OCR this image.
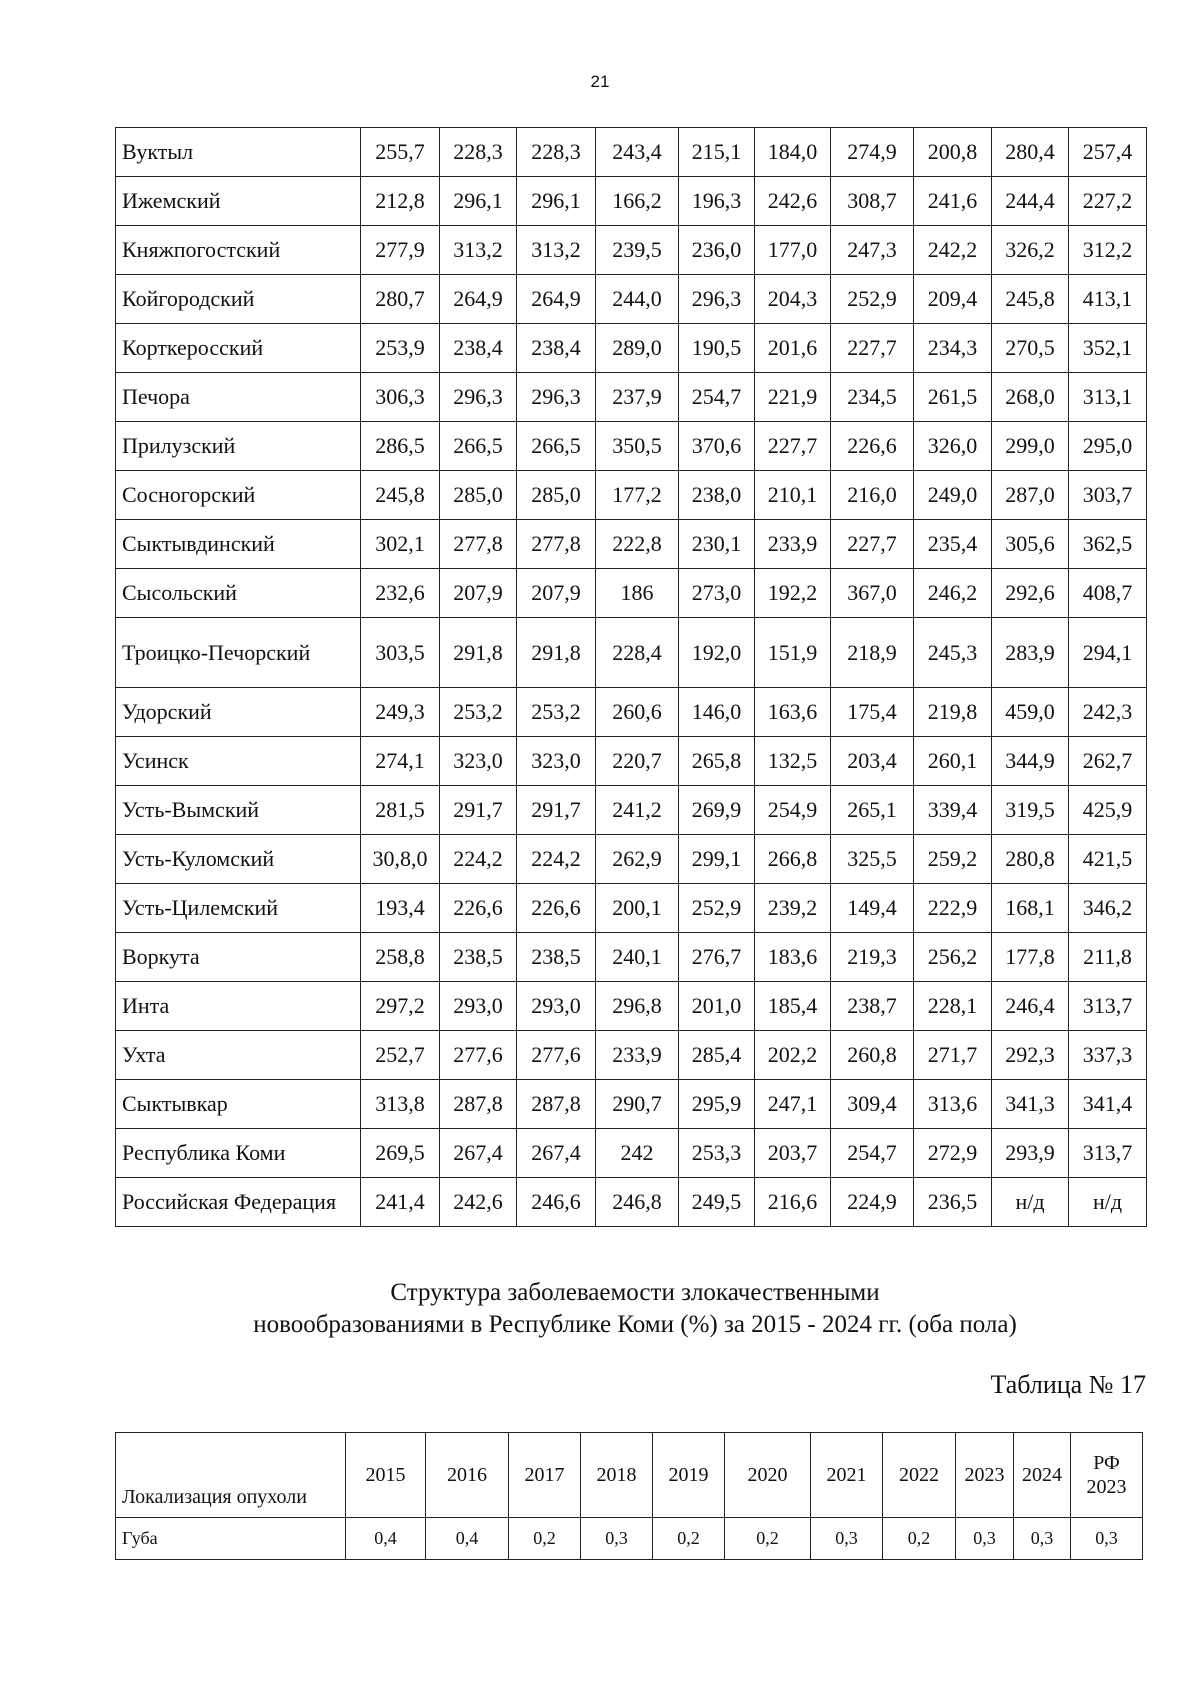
21
Вуктыл	255,7	228,3	228,3	243,4	215,1	184,0	274,9	200,8	280,4	257,4
Ижемский	212,8	296,1	296,1	166,2	196,3	242,6	308,7	241,6	244,4	227,2
Княжпогостский	277,9	313,2	313,2	239,5	236,0	177,0	247,3	242,2	326,2	312,2
Койгородский	280,7	264,9	264,9	244,0	296,3	204,3	252,9	209,4	245,8	413,1
Корткеросский	253,9	238,4	238,4	289,0	190,5	201,6	227,7	234,3	270,5	352,1
Печора	306,3	296,3	296,3	237,9	254,7	221,9	234,5	261,5	268,0	313,1
Прилузский	286,5	266,5	266,5	350,5	370,6	227,7	226,6	326,0	299,0	295,0
Сосногорский	245,8	285,0	285,0	177,2	238,0	210,1	216,0	249,0	287,0	303,7
Сыктывдинский	302,1	277,8	277,8	222,8	230,1	233,9	227,7	235,4	305,6	362,5
Сысольский	232,6	207,9	207,9	186	273,0	192,2	367,0	246,2	292,6	408,7
Троицко-Печорский	303,5	291,8	291,8	228,4	192,0	151,9	218,9	245,3	283,9	294,1
Удорский	249,3	253,2	253,2	260,6	146,0	163,6	175,4	219,8	459,0	242,3
Усинск	274,1	323,0	323,0	220,7	265,8	132,5	203,4	260,1	344,9	262,7
Усть-Вымский	281,5	291,7	291,7	241,2	269,9	254,9	265,1	339,4	319,5	425,9
Усть-Куломский	30,8,0	224,2	224,2	262,9	299,1	266,8	325,5	259,2	280,8	421,5
Усть-Цилемский	193,4	226,6	226,6	200,1	252,9	239,2	149,4	222,9	168,1	346,2
Воркута	258,8	238,5	238,5	240,1	276,7	183,6	219,3	256,2	177,8	211,8
Инта	297,2	293,0	293,0	296,8	201,0	185,4	238,7	228,1	246,4	313,7
Ухта	252,7	277,6	277,6	233,9	285,4	202,2	260,8	271,7	292,3	337,3
Сыктывкар	313,8	287,8	287,8	290,7	295,9	247,1	309,4	313,6	341,3	341,4
Республика Коми	269,5	267,4	267,4	242	253,3	203,7	254,7	272,9	293,9	313,7
Российская Федерация	241,4	242,6	246,6	246,8	249,5	216,6	224,9	236,5	н/д	н/д
Структура заболеваемости злокачественными
новообразованиями в Республике Коми (%) за 2015 - 2024 гг. (оба пола)
Таблица № 17
Локализация опухоли	2015	2016	2017	2018	2019	2020	2021	2022	2023	2024	РФ
2023

Губа	0,4	0,4	0,2	0,3	0,2	0,2	0,3	0,2	0,3	0,3	0,3
